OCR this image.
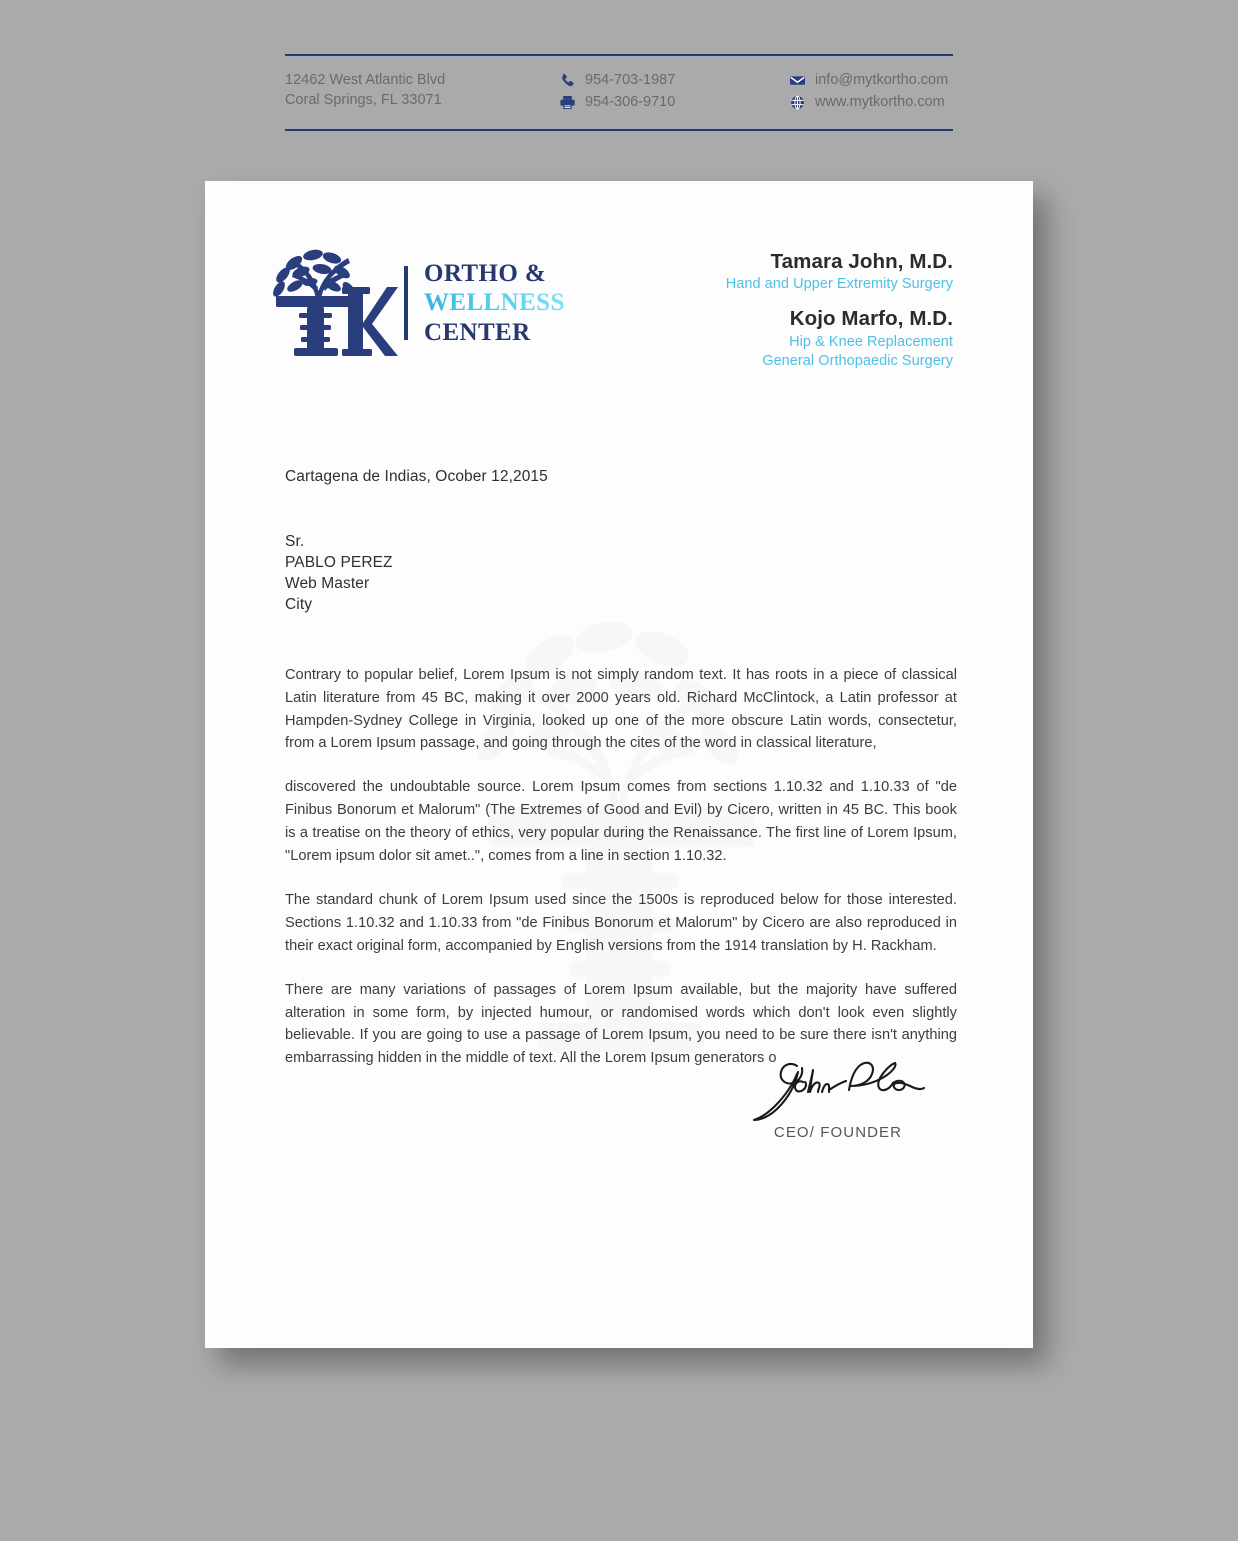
ORTHO &
WELLNESS
CENTER
Tamara John, M.D.
Hand and Upper Extremity Surgery
Kojo Marfo, M.D.
Hip & Knee Replacement
General Orthopaedic Surgery
Cartagena de Indias, Ocober 12,2015
Sr.
PABLO PEREZ
Web Master
City

Contrary to popular belief, Lorem Ipsum is not simply random text. It has roots in a piece of classical Latin literature from 45 BC, making it over 2000 years old. Richard McClintock, a Latin professor at Hampden-Sydney College in Virginia, looked up one of the more obscure Latin words, consectetur, from a Lorem Ipsum passage, and going through the cites of the word in classical literature,

discovered the undoubtable source. Lorem Ipsum comes from sections 1.10.32 and 1.10.33 of "de Finibus Bonorum et Malorum" (The Extremes of Good and Evil) by Cicero, written in 45 BC. This book is a treatise on the theory of ethics, very popular during the Renaissance. The first line of Lorem Ipsum, "Lorem ipsum dolor sit amet..", comes from a line in section 1.10.32.

The standard chunk of Lorem Ipsum used since the 1500s is reproduced below for those interested. Sections 1.10.32 and 1.10.33 from "de Finibus Bonorum et Malorum" by Cicero are also reproduced in their exact original form, accompanied by English versions from the 1914 translation by H. Rackham.

There are many variations of passages of Lorem Ipsum available, but the majority have suffered alteration in some form, by injected humour, or randomised words which don't look even slightly believable. If you are going to use a passage of Lorem Ipsum, you need to be sure there isn't anything embarrassing hidden in the middle of text. All the Lorem Ipsum generators o

CEO/ FOUNDER
12462 West Atlantic Blvd
Coral Springs, FL 33071
954-703-1987
954-306-9710
info@mytkortho.com
www.mytkortho.com
